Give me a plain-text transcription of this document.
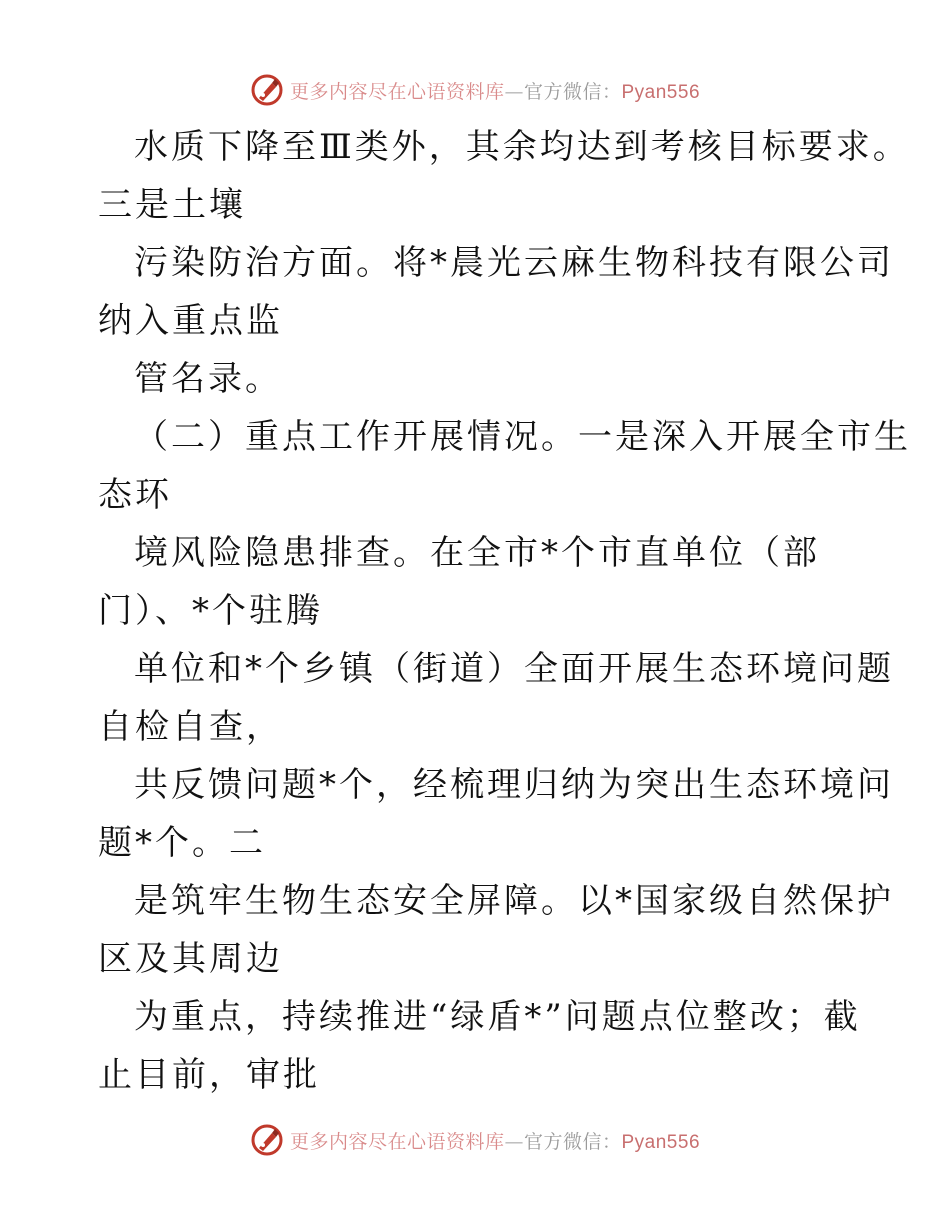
更多内容尽在心语资料库—官方微信：Pyan556
水质下降至Ⅲ类外，其余均达到考核目标要求。
三是土壤
污染防治方面。将*晨光云麻生物科技有限公司
纳入重点监
管名录。
（二）重点工作开展情况。一是深入开展全市生
态环
境风险隐患排查。在全市*个市直单位（部
门）、*个驻腾
单位和*个乡镇（街道）全面开展生态环境问题
自检自查，
共反馈问题*个，经梳理归纳为突出生态环境问
题*个。二
是筑牢生物生态安全屏障。以*国家级自然保护
区及其周边
为重点，持续推进“绿盾*”问题点位整改；截
止目前，审批
更多内容尽在心语资料库—官方微信：Pyan556
